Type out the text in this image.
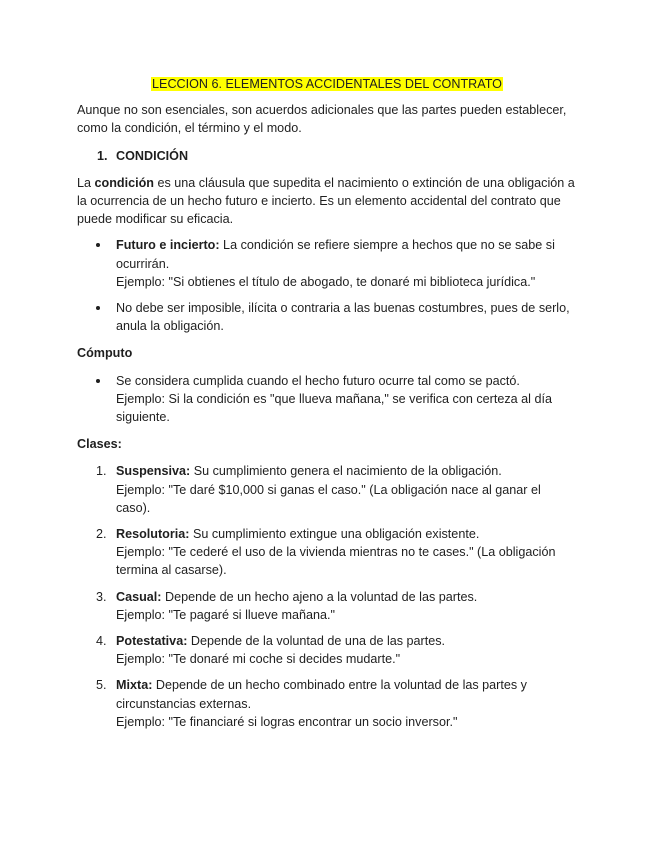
LECCION 6. ELEMENTOS ACCIDENTALES DEL CONTRATO

Aunque no son esenciales, son acuerdos adicionales que las partes pueden establecer, como la condición, el término y el modo.

1. CONDICIÓN

La condición es una cláusula que supedita el nacimiento o extinción de una obligación a la ocurrencia de un hecho futuro e incierto. Es un elemento accidental del contrato que puede modificar su eficacia.

Futuro e incierto: La condición se refiere siempre a hechos que no se sabe si ocurrirán.
Ejemplo: "Si obtienes el título de abogado, te donaré mi biblioteca jurídica."
No debe ser imposible, ilícita o contraria a las buenas costumbres, pues de serlo, anula la obligación.

Cómputo

Se considera cumplida cuando el hecho futuro ocurre tal como se pactó.
Ejemplo: Si la condición es "que llueva mañana," se verifica con certeza al día siguiente.

Clases:

1. Suspensiva: Su cumplimiento genera el nacimiento de la obligación.
Ejemplo: "Te daré $10,000 si ganas el caso." (La obligación nace al ganar el caso).
2. Resolutoria: Su cumplimiento extingue una obligación existente.
Ejemplo: "Te cederé el uso de la vivienda mientras no te cases." (La obligación termina al casarse).
3. Casual: Depende de un hecho ajeno a la voluntad de las partes.
Ejemplo: "Te pagaré si llueve mañana."
4. Potestativa: Depende de la voluntad de una de las partes.
Ejemplo: "Te donaré mi coche si decides mudarte."
5. Mixta: Depende de un hecho combinado entre la voluntad de las partes y circunstancias externas.
Ejemplo: "Te financiaré si logras encontrar un socio inversor."
